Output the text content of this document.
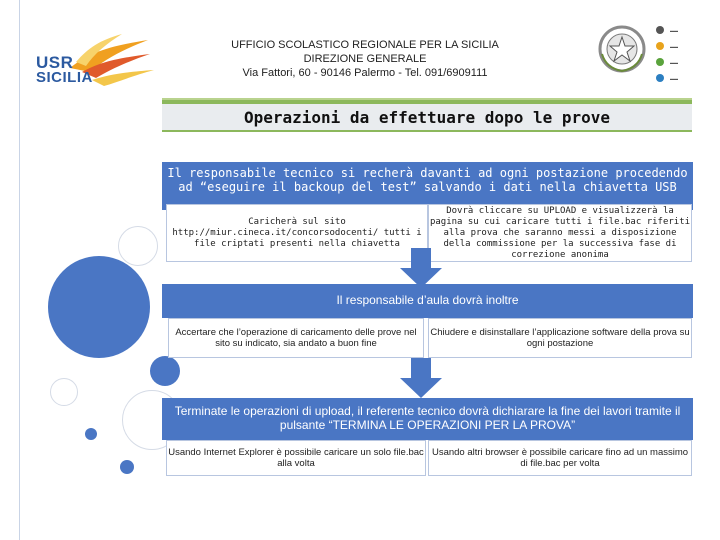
USR
SICILIA
UFFICIO SCOLASTICO REGIONALE PER LA SICILIA
DIREZIONE GENERALE
Via Fattori, 60 - 90146 Palermo - Tel. 091/6909111
▬▬
▬▬
▬▬
▬▬
Operazioni da effettuare dopo le prove
Il responsabile tecnico si recherà davanti ad ogni postazione procedendo ad “eseguire il backoup del test” salvando i dati nella chiavetta USB
Caricherà sul sito http://miur.cineca.it/concorsodocenti/ tutti i file criptati presenti nella chiavetta
Dovrà cliccare su UPLOAD e visualizzerà la pagina su cui caricare tutti i file.bac riferiti alla prova che saranno messi a disposizione della commissione per la successiva fase di correzione anonima
Il responsabile d’aula dovrà inoltre
Accertare che l’operazione di caricamento delle prove nel sito su indicato, sia andato a buon fine
Chiudere e disinstallare l’applicazione software della prova su ogni postazione
Terminate le operazioni di upload, il referente tecnico dovrà dichiarare la fine dei lavori tramite il pulsante “TERMINA LE OPERAZIONI PER LA PROVA”
Usando Internet Explorer è possibile caricare un solo file.bac alla volta
Usando altri browser è possibile caricare fino ad un massimo di file.bac per volta
